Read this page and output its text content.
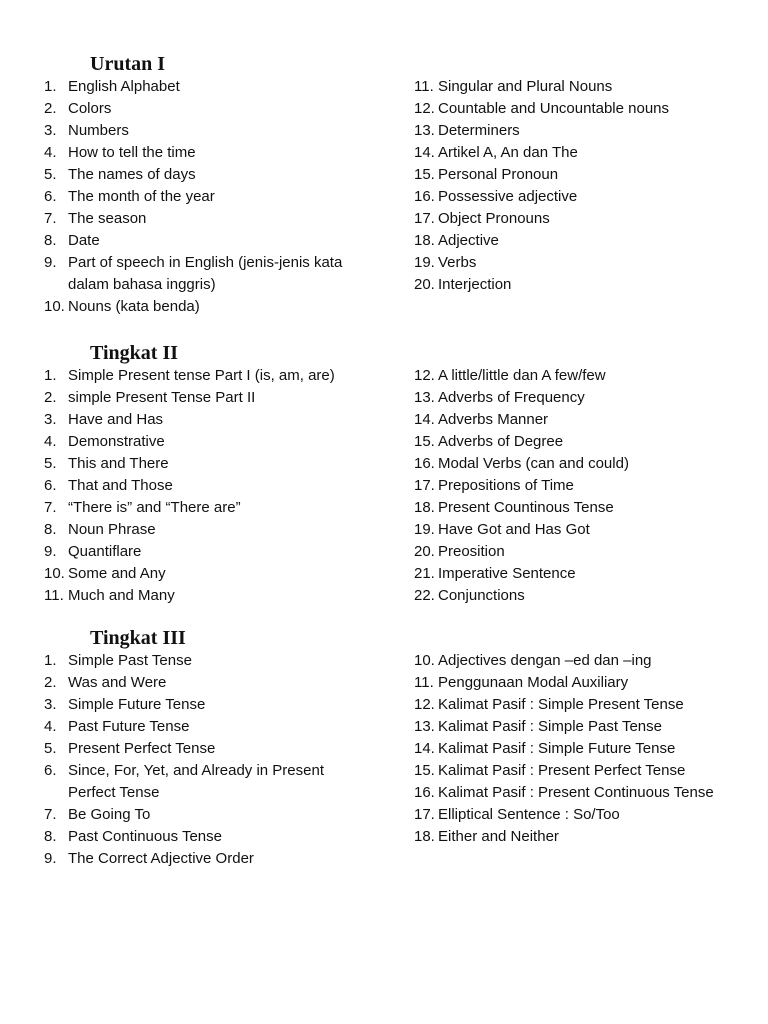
Urutan I
1. English Alphabet
2. Colors
3. Numbers
4. How to tell the time
5. The names of days
6. The month of the year
7. The season
8. Date
9. Part of speech in English (jenis-jenis kata dalam bahasa inggris)
10. Nouns (kata benda)
11. Singular and Plural Nouns
12. Countable and Uncountable nouns
13. Determiners
14. Artikel A, An dan The
15. Personal Pronoun
16. Possessive adjective
17. Object Pronouns
18. Adjective
19. Verbs
20. Interjection
Tingkat II
1. Simple Present tense Part I (is, am, are)
2. simple Present Tense Part II
3. Have and Has
4. Demonstrative
5. This and There
6. That and Those
7. “There is” and “There are”
8. Noun Phrase
9. Quantiflare
10. Some and Any
11. Much and Many
12. A little/little dan A few/few
13. Adverbs of Frequency
14. Adverbs Manner
15. Adverbs of Degree
16. Modal Verbs (can and could)
17. Prepositions of Time
18. Present Countinous Tense
19. Have Got and Has Got
20. Preosition
21. Imperative Sentence
22. Conjunctions
Tingkat III
1. Simple Past Tense
2. Was and Were
3. Simple Future Tense
4. Past Future Tense
5. Present Perfect Tense
6. Since, For, Yet, and Already in Present Perfect Tense
7. Be Going To
8. Past Continuous Tense
9. The Correct Adjective Order
10. Adjectives dengan –ed dan –ing
11. Penggunaan Modal Auxiliary
12. Kalimat Pasif : Simple Present Tense
13. Kalimat Pasif : Simple Past Tense
14. Kalimat Pasif : Simple Future Tense
15. Kalimat Pasif : Present Perfect Tense
16. Kalimat Pasif : Present Continuous Tense
17. Elliptical Sentence : So/Too
18. Either and Neither
